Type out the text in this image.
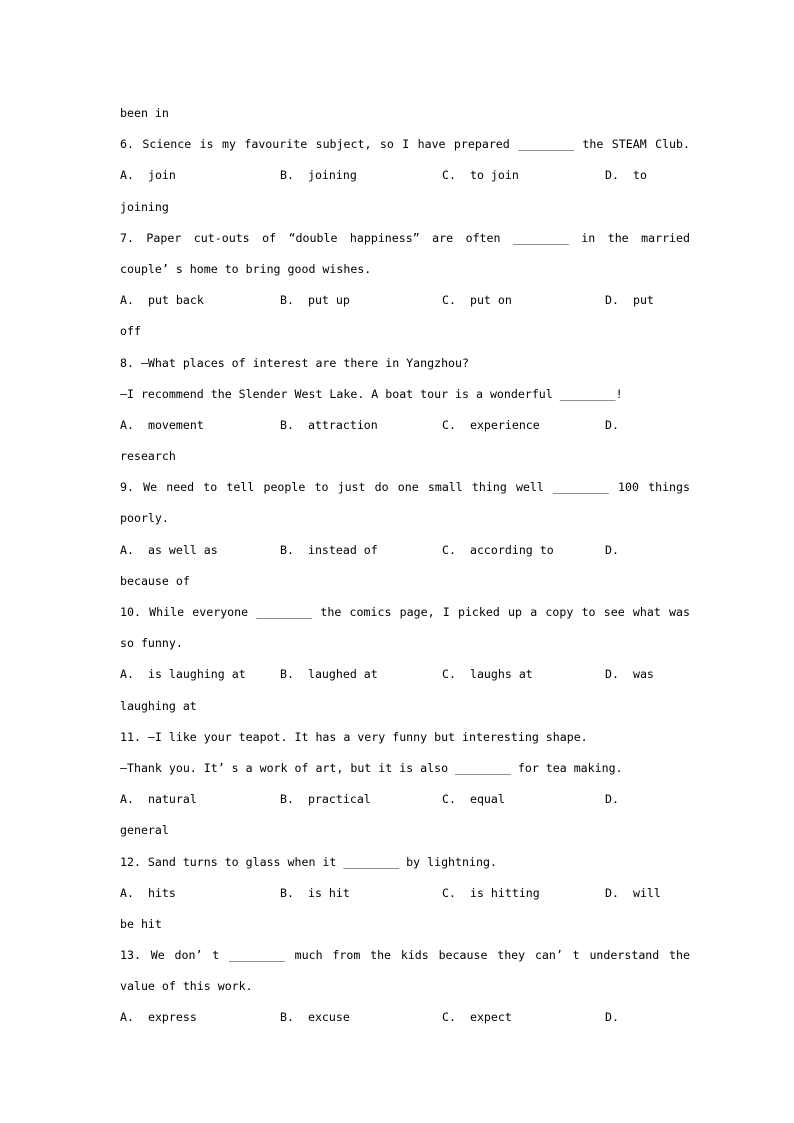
been in
6. Science is my favourite subject, so I have prepared ________ the STEAM Club.
A. join	B. joining	C. to join	D. to
joining
7. Paper cut-outs of “double happiness” are often ________ in the married
couple’ s home to bring good wishes.
A. put back	B. put up	C. put on	D. put
off
8. —What places of interest are there in Yangzhou?
—I recommend the Slender West Lake. A boat tour is a wonderful ________!
A. movement	B. attraction	C. experience	D.
research
9. We need to tell people to just do one small thing well ________ 100 things
poorly.
A. as well as	B. instead of	C. according to	D.
because of
10. While everyone ________ the comics page, I picked up a copy to see what was
so funny.
A. is laughing at	B. laughed at	C. laughs at	D. was
laughing at
11. —I like your teapot. It has a very funny but interesting shape.
—Thank you. It’ s a work of art, but it is also ________ for tea making.
A. natural	B. practical	C. equal	D.
general
12. Sand turns to glass when it ________ by lightning.
A. hits	B. is hit	C. is hitting	D. will
be hit
13. We don’ t ________ much from the kids because they can’ t understand the
value of this work.
A. express	B. excuse	C. expect	D.
